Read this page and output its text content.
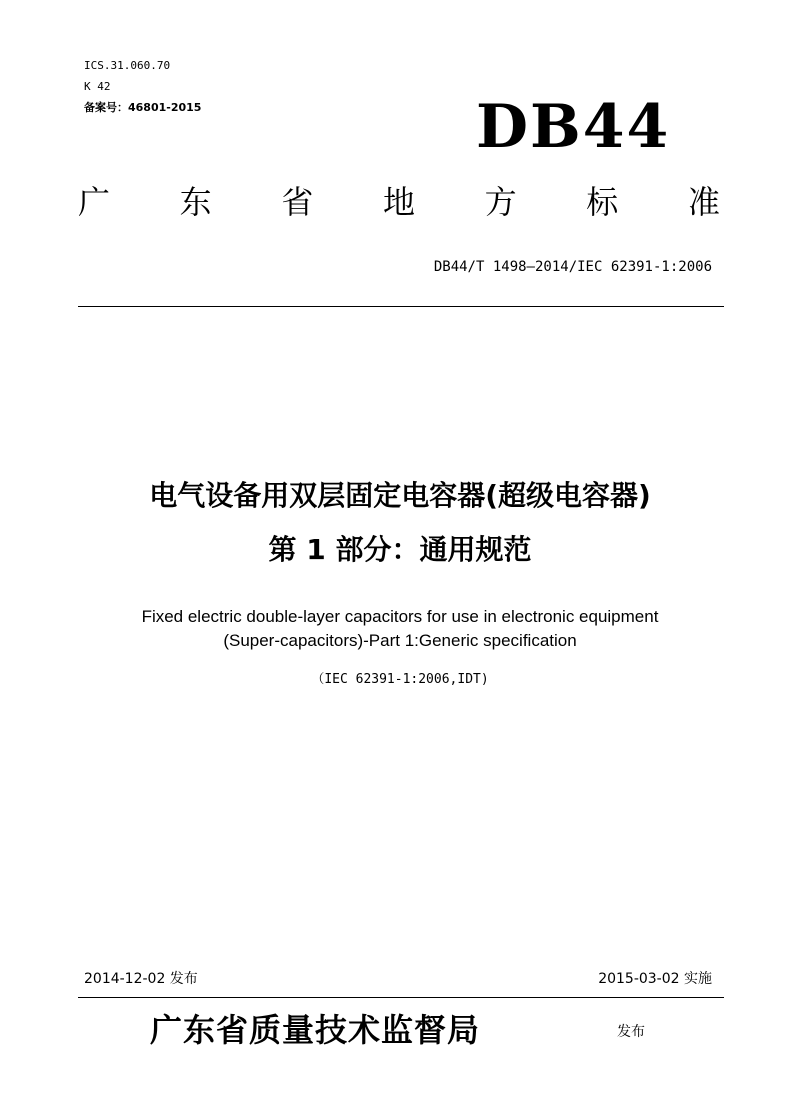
ICS.31.060.70
K 42
备案号：46801-2015	DB44
广 东 省 地 方 标 准
DB44/T 1498—2014/IEC 62391-1:2006
电气设备用双层固定电容器(超级电容器)
第 1 部分：通用规范
Fixed electric double-layer capacitors for use in electronic equipment
(Super-capacitors)-Part 1:Generic specification
（IEC 62391-1:2006,IDT)
2014-12-02 发布	2015-03-02 实施
广东省质量技术监督局	发布
